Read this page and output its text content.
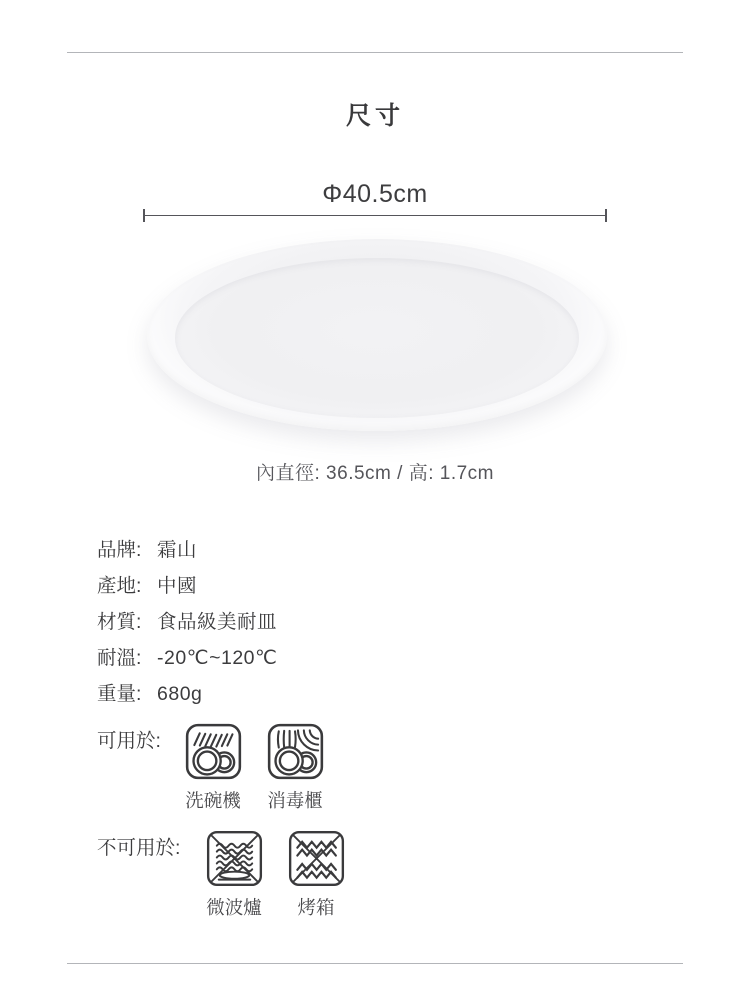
尺寸
Φ40.5cm
內直徑: 36.5cm / 高: 1.7cm
品牌: 霜山
產地: 中國
材質: 食品級美耐皿
耐溫: -20℃~120℃
重量: 680g
可用於:
洗碗機 消毒櫃
不可用於:
微波爐 烤箱
